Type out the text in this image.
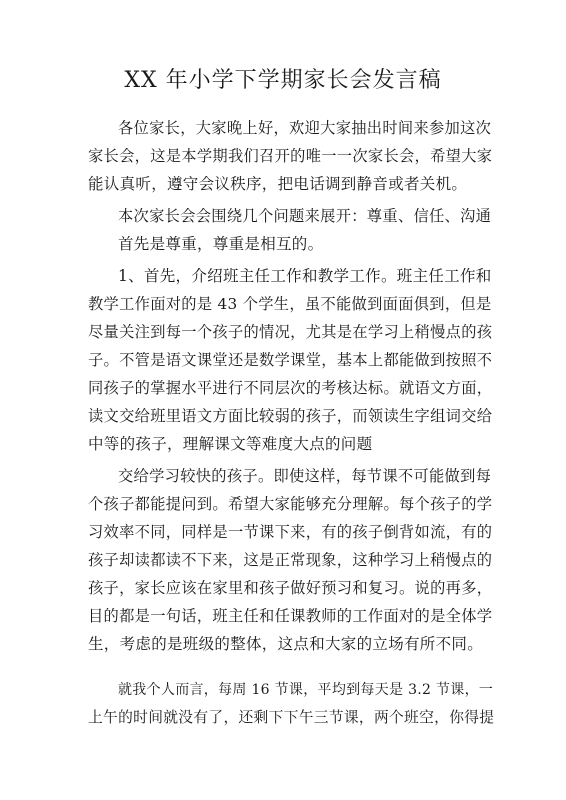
XX 年小学下学期家长会发言稿
各位家长，大家晚上好，欢迎大家抽出时间来参加这次
家长会，这是本学期我们召开的唯一一次家长会，希望大家
能认真听，遵守会议秩序，把电话调到静音或者关机。
本次家长会会围绕几个问题来展开：尊重、信任、沟通
首先是尊重，尊重是相互的。
1、首先，介绍班主任工作和教学工作。班主任工作和
教学工作面对的是 43 个学生，虽不能做到面面俱到，但是
尽量关注到每一个孩子的情况，尤其是在学习上稍慢点的孩
子。不管是语文课堂还是数学课堂，基本上都能做到按照不
同孩子的掌握水平进行不同层次的考核达标。就语文方面，
读文交给班里语文方面比较弱的孩子，而领读生字组词交给
中等的孩子，理解课文等难度大点的问题
交给学习较快的孩子。即使这样，每节课不可能做到每
个孩子都能提问到。希望大家能够充分理解。每个孩子的学
习效率不同，同样是一节课下来，有的孩子倒背如流，有的
孩子却读都读不下来，这是正常现象，这种学习上稍慢点的
孩子，家长应该在家里和孩子做好预习和复习。说的再多，
目的都是一句话，班主任和任课教师的工作面对的是全体学
生，考虑的是班级的整体，这点和大家的立场有所不同。
就我个人而言，每周 16 节课，平均到每天是 3.2 节课，一
上午的时间就没有了，还剩下下午三节课，两个班空，你得提
